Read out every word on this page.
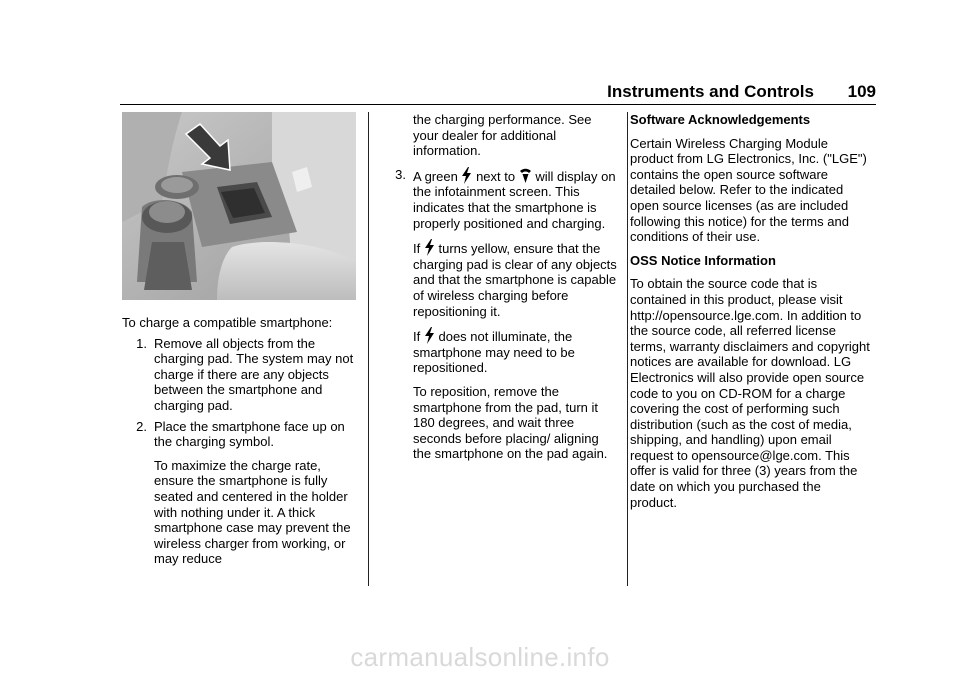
Instruments and Controls 109

To charge a compatible smartphone:

1. Remove all objects from the charging pad. The system may not charge if there are any objects between the smartphone and charging pad.
2. Place the smartphone face up on the charging symbol.

To maximize the charge rate, ensure the smartphone is fully seated and centered in the holder with nothing under it. A thick smartphone case may prevent the wireless charger from working, or may reduce

the charging performance. See your dealer for additional information.

3. A green next to will display on the infotainment screen. This indicates that the smartphone is properly positioned and charging.

If turns yellow, ensure that the charging pad is clear of any objects and that the smartphone is capable of wireless charging before repositioning it.

If does not illuminate, the smartphone may need to be repositioned.

To reposition, remove the smartphone from the pad, turn it 180 degrees, and wait three seconds before placing/ aligning the smartphone on the pad again.

Software Acknowledgements

Certain Wireless Charging Module product from LG Electronics, Inc. ("LGE") contains the open source software detailed below. Refer to the indicated open source licenses (as are included following this notice) for the terms and conditions of their use.

OSS Notice Information

To obtain the source code that is contained in this product, please visit http://opensource.lge.com. In addition to the source code, all referred license terms, warranty disclaimers and copyright notices are available for download. LG Electronics will also provide open source code to you on CD-ROM for a charge covering the cost of performing such distribution (such as the cost of media, shipping, and handling) upon email request to opensource@lge.com. This offer is valid for three (3) years from the date on which you purchased the product.

carmanualsonline.info
